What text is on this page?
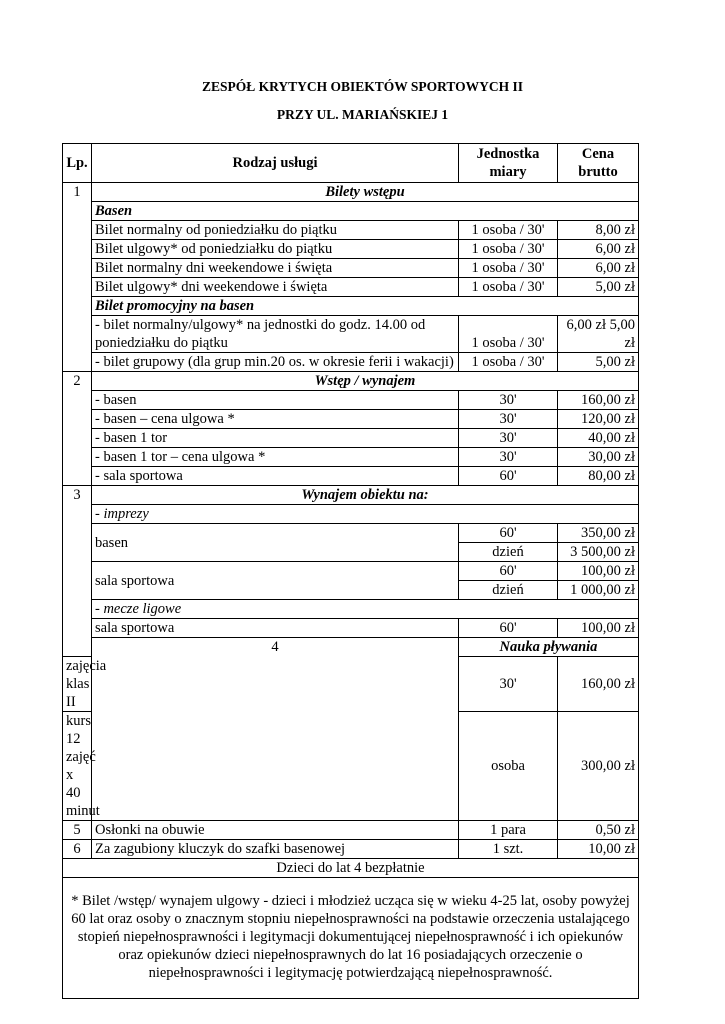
ZESPÓŁ KRYTYCH OBIEKTÓW SPORTOWYCH II
PRZY UL. MARIAŃSKIEJ 1
Lp.	Rodzaj usługi	Jednostka miary	Cena brutto
1	Bilety wstępu		
	Basen		
	Bilet normalny od poniedziałku do piątku	1 osoba / 30'	8,00 zł
	Bilet ulgowy* od poniedziałku do piątku	1 osoba / 30'	6,00 zł
	Bilet normalny dni weekendowe i święta	1 osoba / 30'	6,00 zł
	Bilet ulgowy* dni weekendowe i święta	1 osoba / 30'	5,00 zł
	Bilet promocyjny na basen		
	- bilet normalny/ulgowy* na jednostki do godz. 14.00 od poniedziałku do piątku	1 osoba / 30'	6,00 zł 5,00 zł

	- bilet grupowy (dla grup min.20 os. w okresie ferii i wakacji)	1 osoba / 30'	5,00 zł

2	Wstęp / wynajem		
	- basen	30'	160,00 zł
	- basen – cena ulgowa *	30'	120,00 zł
	- basen 1 tor	30'	40,00 zł
	- basen 1 tor – cena ulgowa *	30'	30,00 zł
	- sala sportowa	60'	80,00 zł
3	Wynajem obiektu na:		
	- imprezy		
	basen	60'	350,00 zł
		dzień	3 500,00 zł
	sala sportowa	60'	100,00 zł
		dzień	1 000,00 zł
	- mecze ligowe		
	sala sportowa	60'	100,00 zł
	4	Nauka pływania	
zajęcia klas II		30'	160,00 zł
kurs 12 zajęć x 40 minut		osoba	300,00 zł
5	Osłonki na obuwie	1 para	0,50 zł
6	Za zagubiony kluczyk do szafki basenowej	1 szt.	10,00 zł
Dzieci do lat 4 bezpłatnie			
* Bilet /wstęp/ wynajem ulgowy - dzieci i młodzież ucząca się w wieku 4-25 lat, osoby powyżej 60 lat oraz osoby o znacznym stopniu niepełnosprawności na podstawie orzeczenia ustalającego stopień niepełnosprawności i legitymacji dokumentującej niepełnosprawność i ich opiekunów oraz opiekunów dzieci niepełnosprawnych do lat 16 posiadających orzeczenie o niepełnosprawności i legitymację potwierdzającą niepełnosprawność.			
